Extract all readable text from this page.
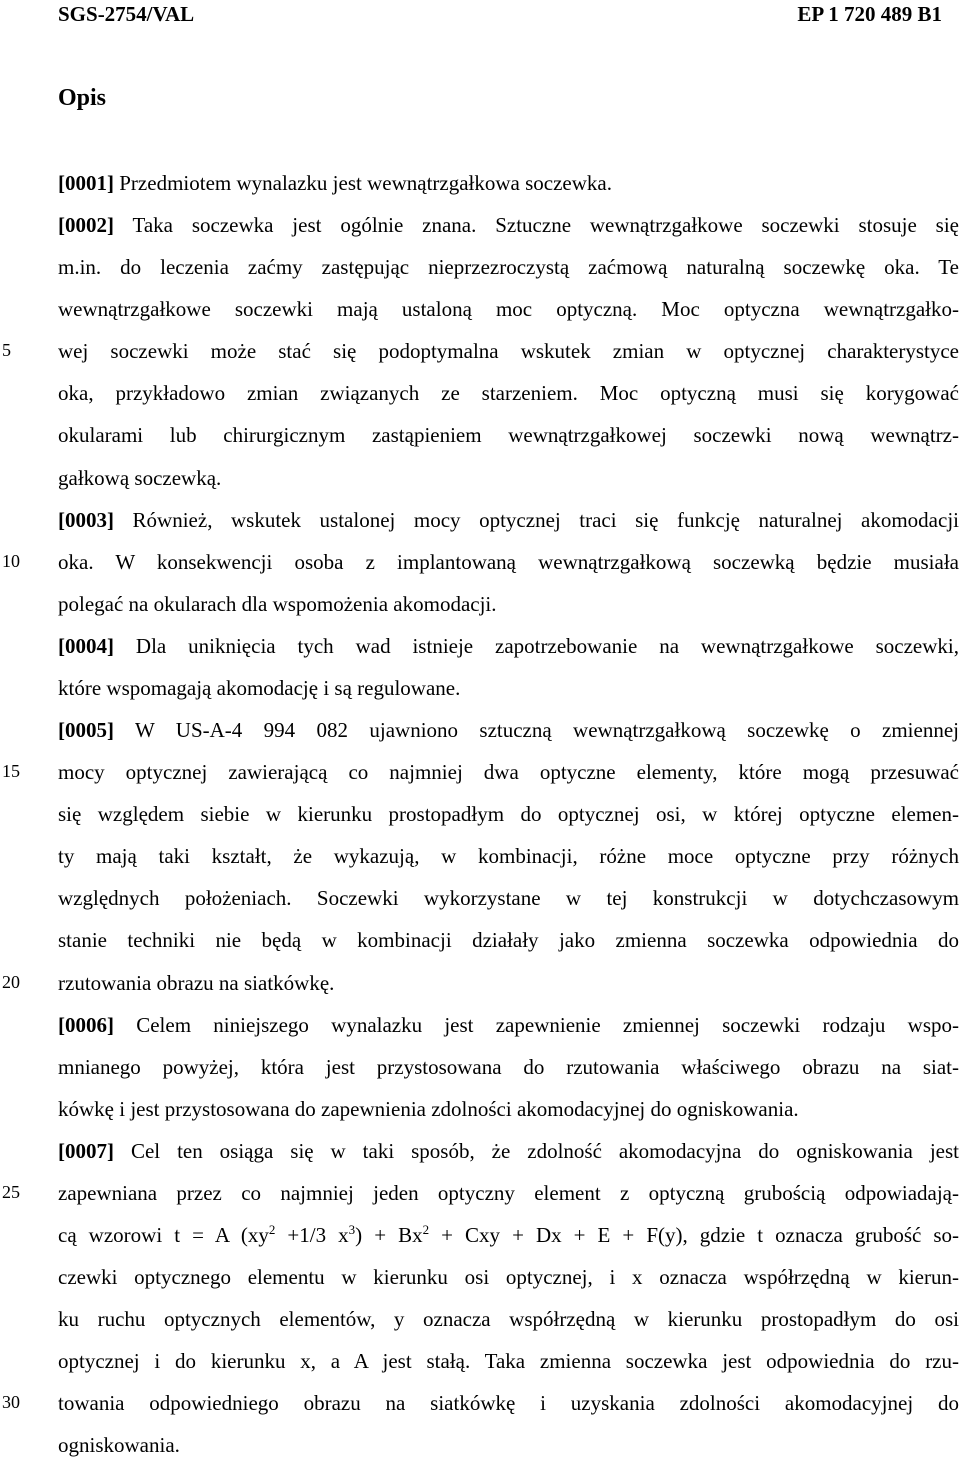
SGS-2754/VAL	EP 1 720 489 B1
Opis
[0001] Przedmiotem wynalazku jest wewnątrzgałkowa soczewka.
[0002] Taka soczewka jest ogólnie znana. Sztuczne wewnątrzgałkowe soczewki stosuje się
m.in. do leczenia zaćmy zastępując nieprzezroczystą zaćmową naturalną soczewkę oka. Te
wewnątrzgałkowe soczewki mają ustaloną moc optyczną. Moc optyczna wewnątrzgałko-
wej soczewki może stać się podoptymalna wskutek zmian w optycznej charakterystyce
oka, przykładowo zmian związanych ze starzeniem. Moc optyczną musi się korygować
okularami lub chirurgicznym zastąpieniem wewnątrzgałkowej soczewki nową wewnątrz-
gałkową soczewką.
[0003] Również, wskutek ustalonej mocy optycznej traci się funkcję naturalnej akomodacji
oka. W konsekwencji osoba z implantowaną wewnątrzgałkową soczewką będzie musiała
polegać na okularach dla wspomożenia akomodacji.
[0004] Dla uniknięcia tych wad istnieje zapotrzebowanie na wewnątrzgałkowe soczewki,
które wspomagają akomodację i są regulowane.
[0005] W US-A-4 994 082 ujawniono sztuczną wewnątrzgałkową soczewkę o zmiennej
mocy optycznej zawierającą co najmniej dwa optyczne elementy, które mogą przesuwać
się względem siebie w kierunku prostopadłym do optycznej osi, w której optyczne elemen-
ty mają taki kształt, że wykazują, w kombinacji, różne moce optyczne przy różnych
względnych położeniach. Soczewki wykorzystane w tej konstrukcji w dotychczasowym
stanie techniki nie będą w kombinacji działały jako zmienna soczewka odpowiednia do
rzutowania obrazu na siatkówkę.
[0006] Celem niniejszego wynalazku jest zapewnienie zmiennej soczewki rodzaju wspo-
mnianego powyżej, która jest przystosowana do rzutowania właściwego obrazu na siat-
kówkę i jest przystosowana do zapewnienia zdolności akomodacyjnej do ogniskowania.
[0007] Cel ten osiąga się w taki sposób, że zdolność akomodacyjna do ogniskowania jest
zapewniana przez co najmniej jeden optyczny element z optyczną grubością odpowiadają-
cą wzorowi t = A ($xy^2 +1/3$ $x^3) + Bx^2$ + Cxy + Dx + E + F(y), gdzie t oznacza grubość so-
czewki optycznego elementu w kierunku osi optycznej, i x oznacza współrzędną w kierun-
ku ruchu optycznych elementów, y oznacza współrzędną w kierunku prostopadłym do osi
optycznej i do kierunku x, a A jest stałą. Taka zmienna soczewka jest odpowiednia do rzu-
towania odpowiedniego obrazu na siatkówkę i uzyskania zdolności akomodacyjnej do
ogniskowania.
5
10
15
20
25
30
